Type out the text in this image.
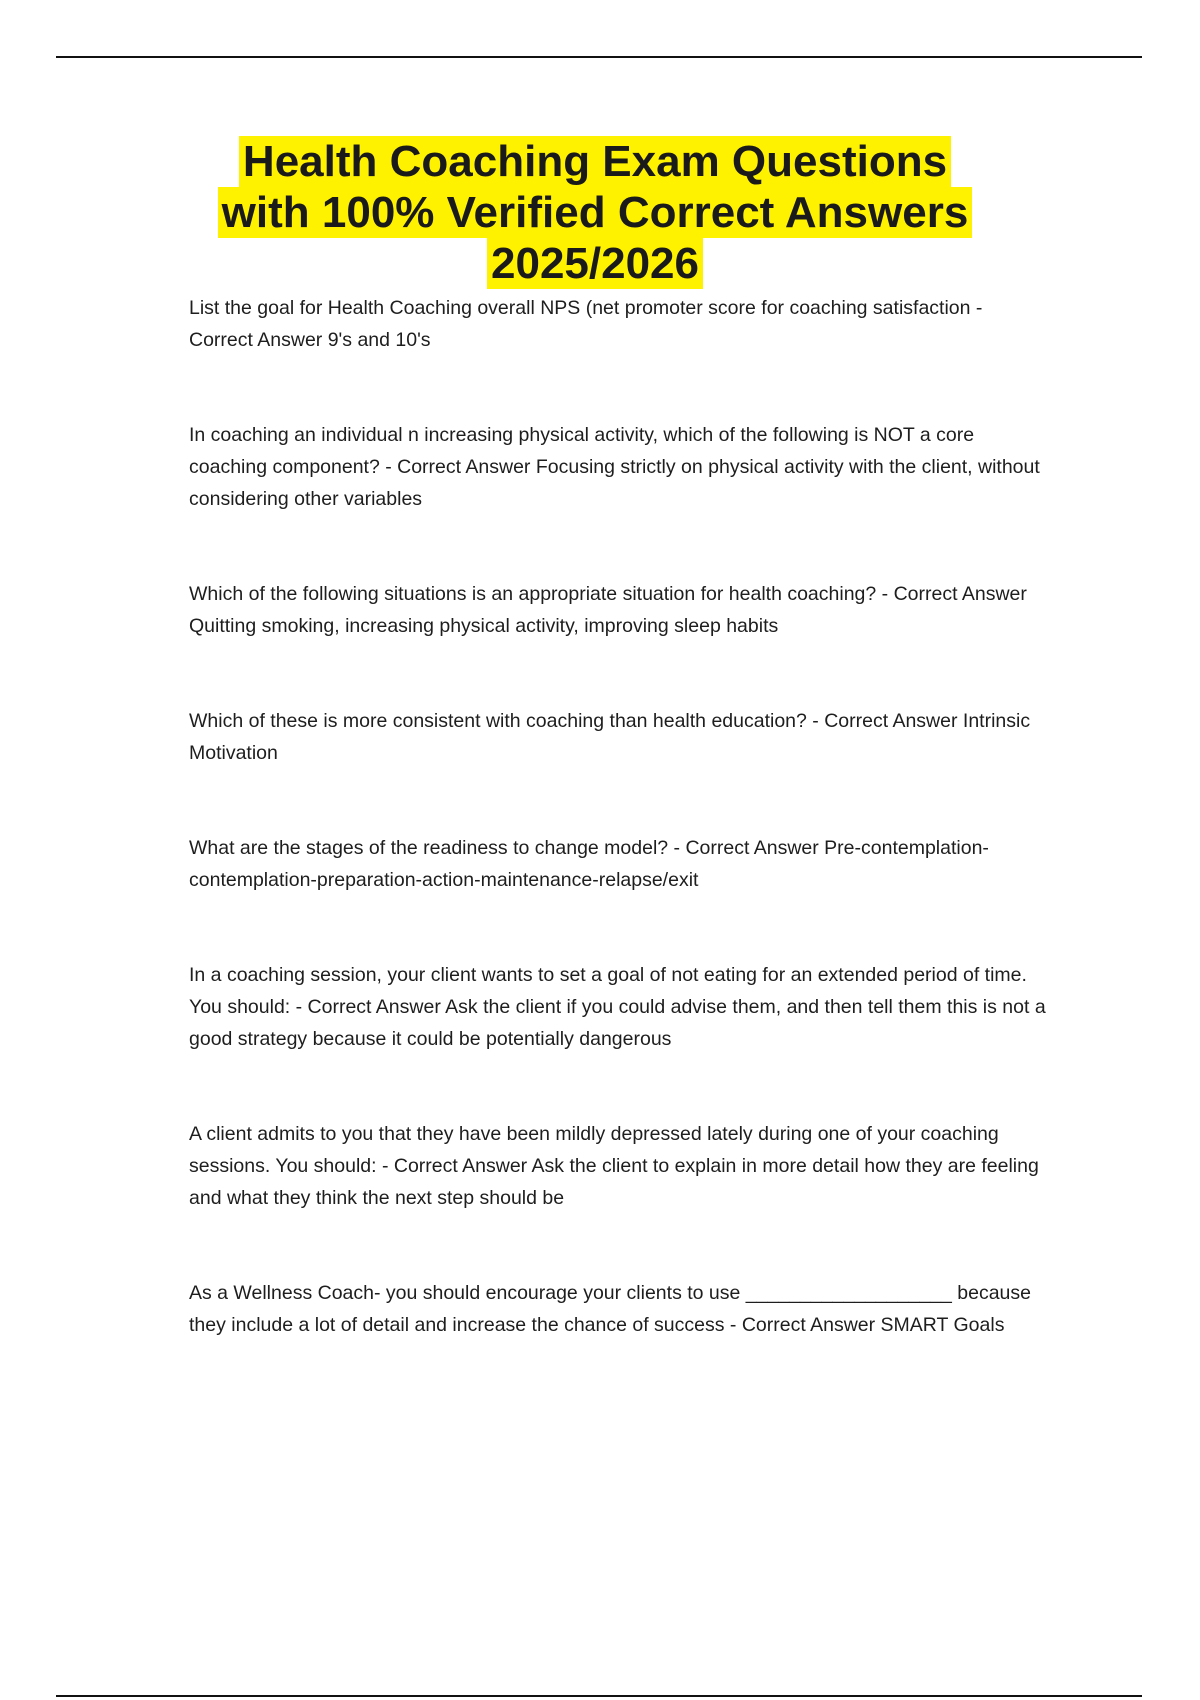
Health Coaching Exam Questions
with 100% Verified Correct Answers
2025/2026

List the goal for Health Coaching overall NPS (net promoter score for coaching satisfaction - Correct Answer 9's and 10's

In coaching an individual n increasing physical activity, which of the following is NOT a core coaching component? - Correct Answer Focusing strictly on physical activity with the client, without considering other variables

Which of the following situations is an appropriate situation for health coaching? - Correct Answer Quitting smoking, increasing physical activity, improving sleep habits

Which of these is more consistent with coaching than health education? - Correct Answer Intrinsic Motivation

What are the stages of the readiness to change model? - Correct Answer Pre-contemplation-contemplation-preparation-action-maintenance-relapse/exit

In a coaching session, your client wants to set a goal of not eating for an extended period of time. You should: - Correct Answer Ask the client if you could advise them, and then tell them this is not a good strategy because it could be potentially dangerous

A client admits to you that they have been mildly depressed lately during one of your coaching sessions. You should: - Correct Answer Ask the client to explain in more detail how they are feeling and what they think the next step should be

As a Wellness Coach- you should encourage your clients to use ___________________ because they include a lot of detail and increase the chance of success - Correct Answer SMART Goals
